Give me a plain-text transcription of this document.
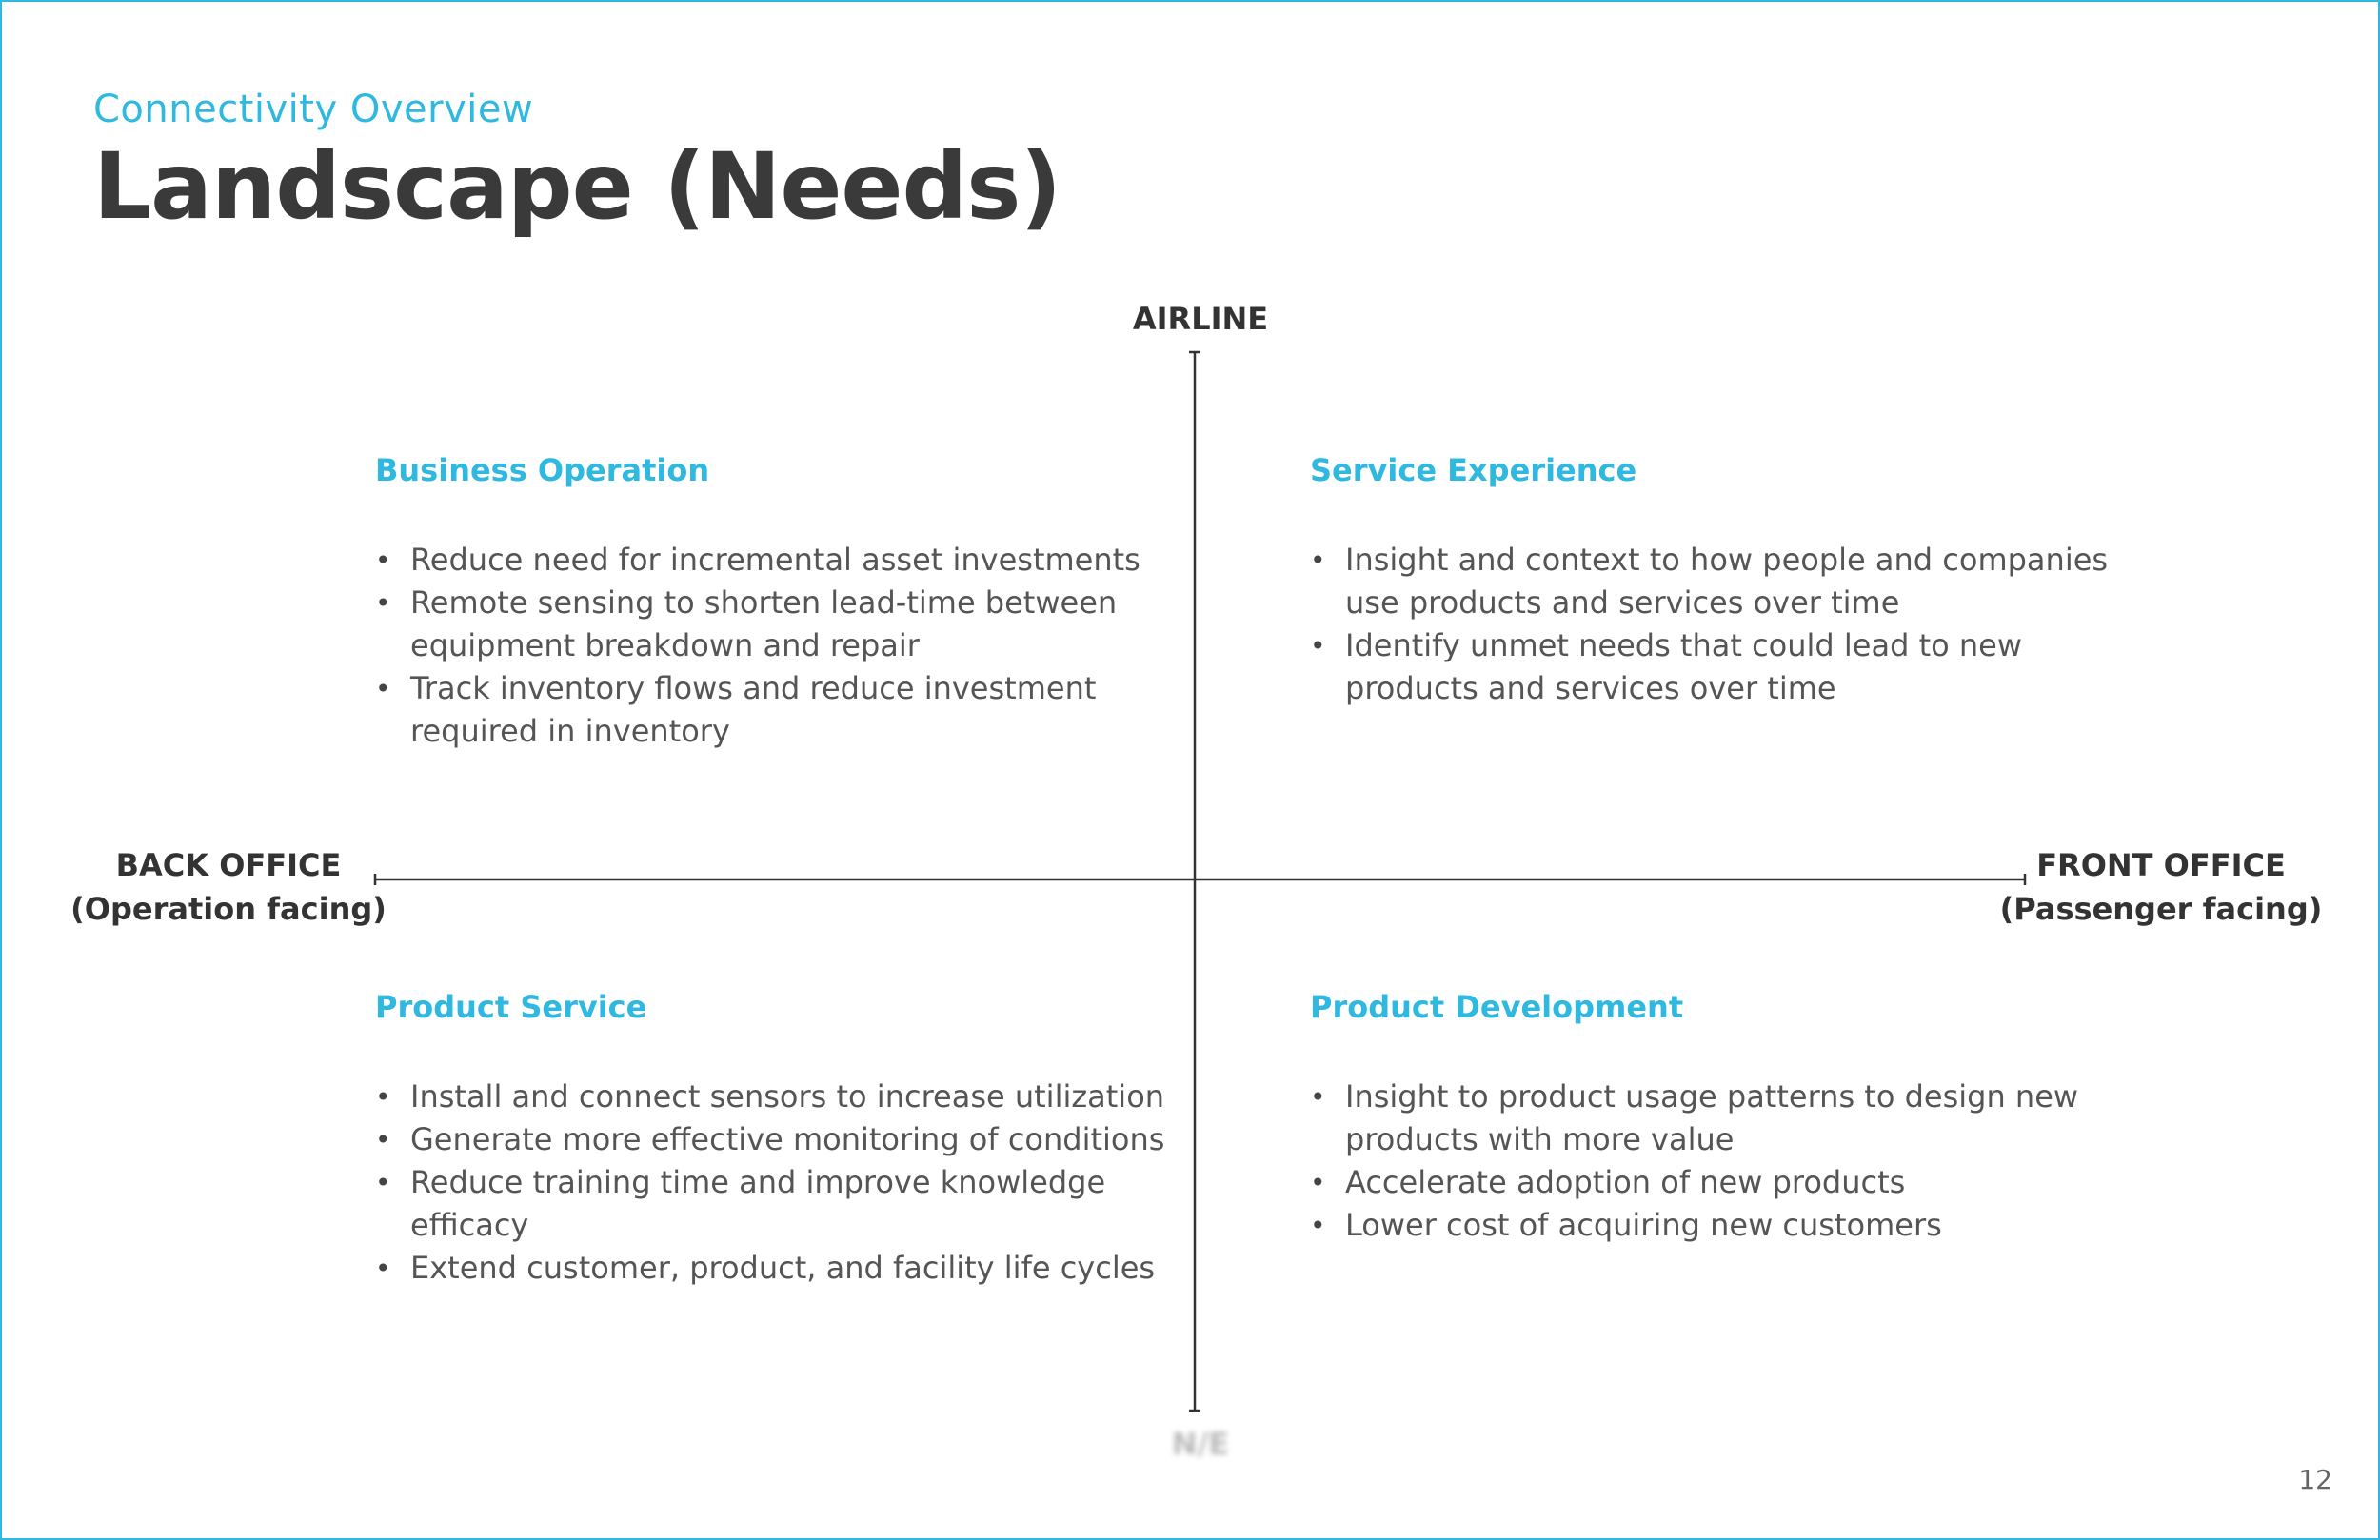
Connectivity Overview
Landscape (Needs)
AIRLINE
N/E
BACK OFFICE
(Operation facing)
FRONT OFFICE
(Passenger facing)
Business Operation
• Reduce need for incremental asset investments
• Remote sensing to shorten lead-time between equipment breakdown and repair
• Track inventory flows and reduce investment required in inventory
Service Experience
• Insight and context to how people and companies use products and services over time
• Identify unmet needs that could lead to new products and services over time
Product Service
• Install and connect sensors to increase utilization
• Generate more effective monitoring of conditions
• Reduce training time and improve knowledge efficacy
• Extend customer, product, and facility life cycles
Product Development
• Insight to product usage patterns to design new products with more value
• Accelerate adoption of new products
• Lower cost of acquiring new customers
12
